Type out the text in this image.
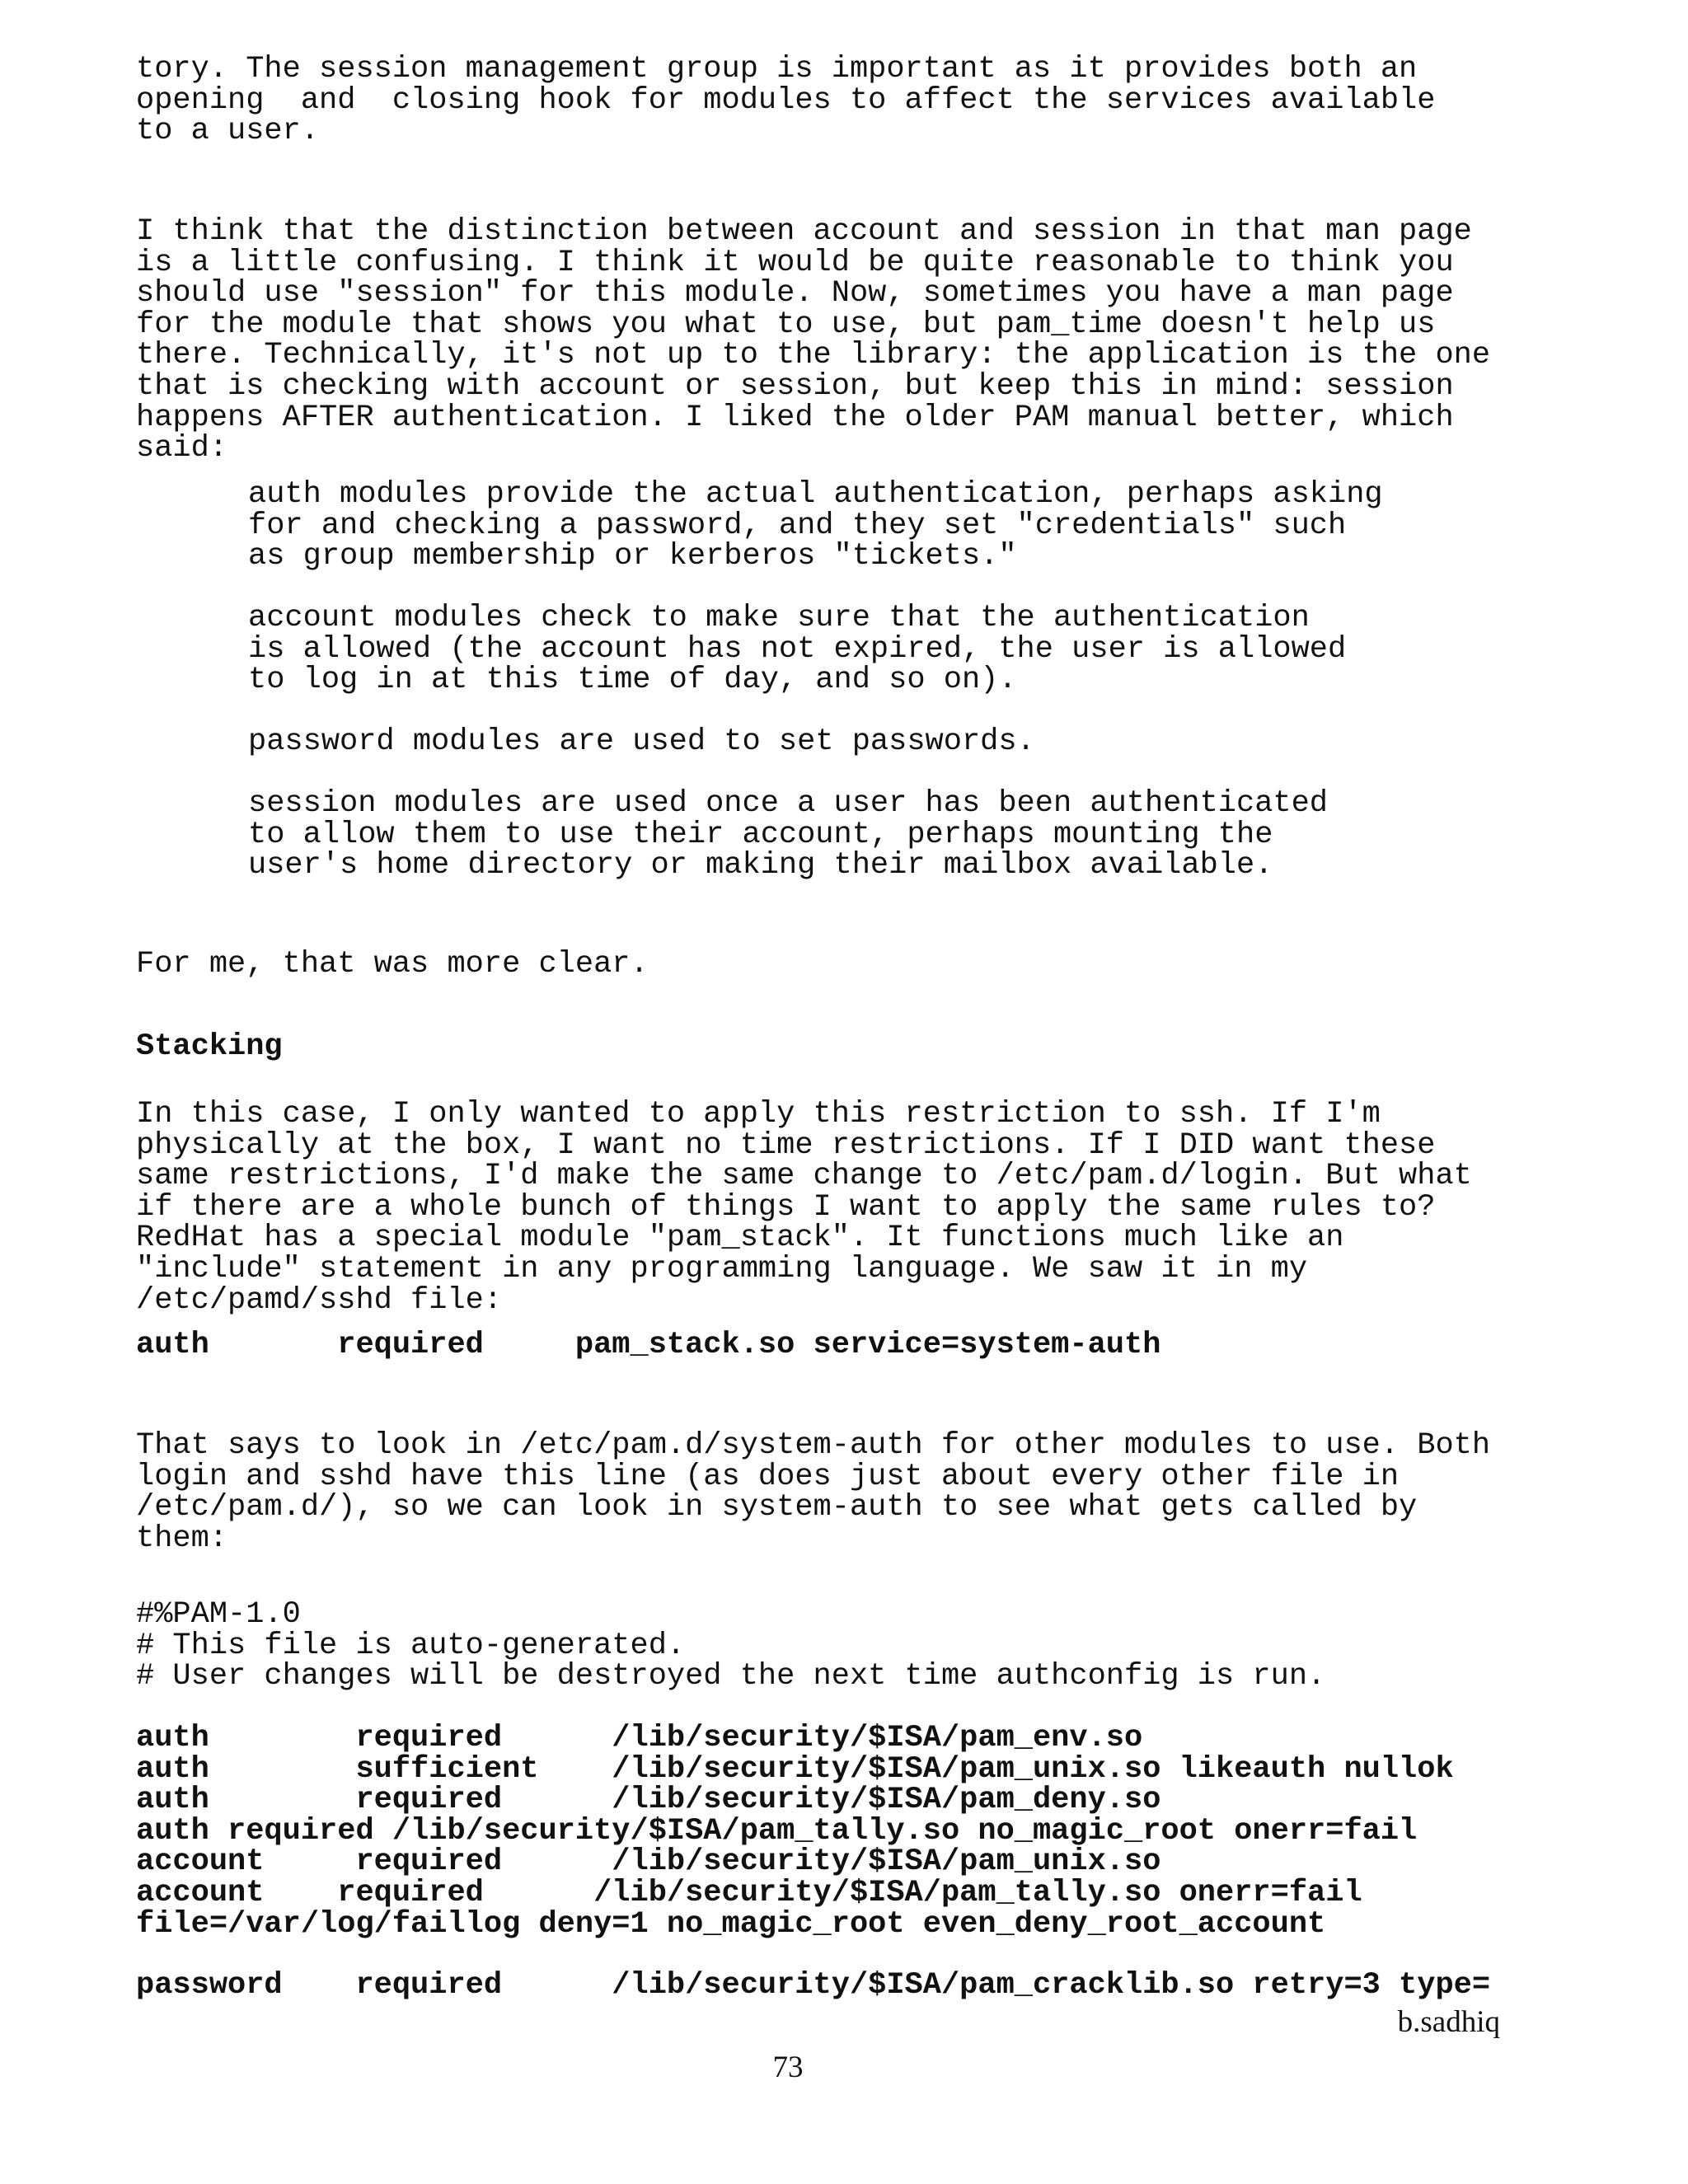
tory. The session management group is important as it provides both an
opening  and  closing hook for modules to affect the services available
to a user.

I think that the distinction between account and session in that man page
is a little confusing. I think it would be quite reasonable to think you
should use "session" for this module. Now, sometimes you have a man page
for the module that shows you what to use, but pam_time doesn't help us
there. Technically, it's not up to the library: the application is the one
that is checking with account or session, but keep this in mind: session
happens AFTER authentication. I liked the older PAM manual better, which
said:

auth modules provide the actual authentication, perhaps asking
for and checking a password, and they set "credentials" such
as group membership or kerberos "tickets."

account modules check to make sure that the authentication
is allowed (the account has not expired, the user is allowed
to log in at this time of day, and so on).

password modules are used to set passwords.

session modules are used once a user has been authenticated
to allow them to use their account, perhaps mounting the
user's home directory or making their mailbox available.

For me, that was more clear.

Stacking

In this case, I only wanted to apply this restriction to ssh. If I'm
physically at the box, I want no time restrictions. If I DID want these
same restrictions, I'd make the same change to /etc/pam.d/login. But what
if there are a whole bunch of things I want to apply the same rules to?
RedHat has a special module "pam_stack". It functions much like an
"include" statement in any programming language. We saw it in my
/etc/pamd/sshd file:

auth       required     pam_stack.so service=system-auth

That says to look in /etc/pam.d/system-auth for other modules to use. Both
login and sshd have this line (as does just about every other file in
/etc/pam.d/), so we can look in system-auth to see what gets called by
them:

#%PAM-1.0
# This file is auto-generated.
# User changes will be destroyed the next time authconfig is run.

auth        required      /lib/security/$ISA/pam_env.so
auth        sufficient    /lib/security/$ISA/pam_unix.so likeauth nullok
auth        required      /lib/security/$ISA/pam_deny.so
auth required /lib/security/$ISA/pam_tally.so no_magic_root onerr=fail
account     required      /lib/security/$ISA/pam_unix.so
account    required      /lib/security/$ISA/pam_tally.so onerr=fail
file=/var/log/faillog deny=1 no_magic_root even_deny_root_account

password    required      /lib/security/$ISA/pam_cracklib.so retry=3 type=

b.sadhiq

73
